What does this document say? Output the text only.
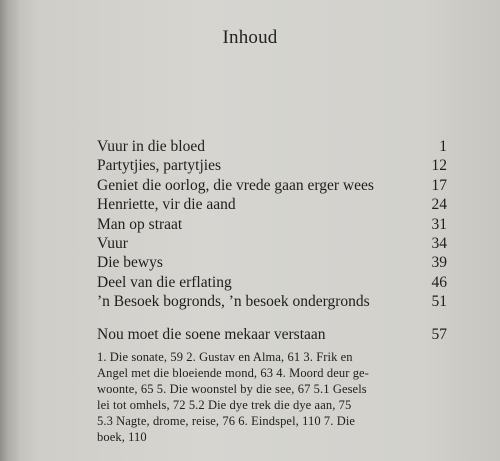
Inhoud
Vuur in die bloed	1
Partytjies, partytjies	12
Geniet die oorlog, die vrede gaan erger wees	17
Henriette, vir die aand	24
Man op straat	31
Vuur	34
Die bewys	39
Deel van die erflating	46
’n Besoek bogronds, ’n besoek ondergronds	51
Nou moet die soene mekaar verstaan	57
1. Die sonate, 59 2. Gustav en Alma, 61 3. Frik en
Angel met die bloeiende mond, 63 4. Moord deur ge-
woonte, 65 5. Die woonstel by die see, 67 5.1 Gesels
lei tot omhels, 72 5.2 Die dye trek die dye aan, 75
5.3 Nagte, drome, reise, 76 6. Eindspel, 110 7. Die
boek, 110
